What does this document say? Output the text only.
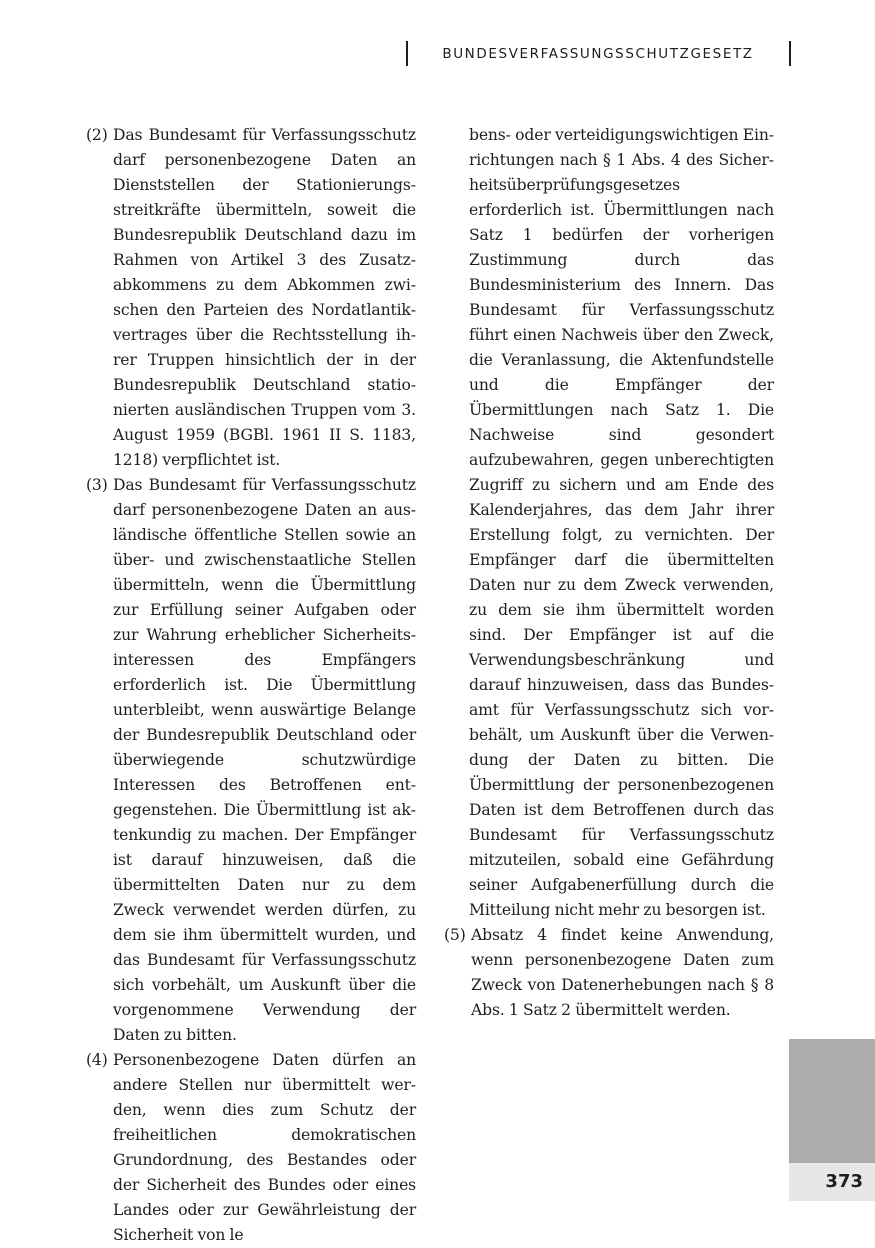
BUNDESVERFASSUNGSSCHUTZGESETZ
(2) Das Bundesamt für Verfassungsschutz darf personenbezogene Daten an Dienststellen der Stationierungsstreitkräfte übermitteln, soweit die Bundesrepublik Deutschland dazu im Rahmen von Artikel 3 des Zusatzabkommens zu dem Abkommen zwischen den Parteien des Nordatlantikvertrages über die Rechtsstellung ihrer Truppen hinsichtlich der in der Bundesrepublik Deutschland stationierten ausländischen Truppen vom 3. August 1959 (BGBl. 1961 II S. 1183, 1218) verpflichtet ist.
(3) Das Bundesamt für Verfassungsschutz darf personenbezogene Daten an ausländische öffentliche Stellen sowie an über- und zwischenstaatliche Stellen übermitteln, wenn die Übermittlung zur Erfüllung seiner Aufgaben oder zur Wahrung erheblicher Sicherheitsinteressen des Empfängers erforderlich ist. Die Übermittlung unterbleibt, wenn auswärtige Belange der Bundesrepublik Deutschland oder überwiegende schutzwürdige Interessen des Betroffenen entgegenstehen. Die Übermittlung ist aktenkundig zu machen. Der Empfänger ist darauf hinzuweisen, daß die übermittelten Daten nur zu dem Zweck verwendet werden dürfen, zu dem sie ihm übermittelt wurden, und das Bundesamt für Verfassungsschutz sich vorbehält, um Auskunft über die vorgenommene Verwendung der Daten zu bitten.
(4) Personenbezogene Daten dürfen an andere Stellen nur übermittelt werden, wenn dies zum Schutz der freiheitlichen demokratischen Grundordnung, des Bestandes oder der Sicherheit des Bundes oder eines Landes oder zur Gewährleistung der Sicherheit von le
bens- oder verteidigungswichtigen Einrichtungen nach § 1 Abs. 4 des Sicherheitsüberprüfungsgesetzes erforderlich ist. Übermittlungen nach Satz 1 bedürfen der vorherigen Zustimmung durch das Bundesministerium des Innern. Das Bundesamt für Verfassungsschutz führt einen Nachweis über den Zweck, die Veranlassung, die Aktenfundstelle und die Empfänger der Übermittlungen nach Satz 1. Die Nachweise sind gesondert aufzubewahren, gegen unberechtigten Zugriff zu sichern und am Ende des Kalenderjahres, das dem Jahr ihrer Erstellung folgt, zu vernichten. Der Empfänger darf die übermittelten Daten nur zu dem Zweck verwenden, zu dem sie ihm übermittelt worden sind. Der Empfänger ist auf die Verwendungsbeschränkung und darauf hinzuweisen, dass das Bundesamt für Verfassungsschutz sich vorbehält, um Auskunft über die Verwendung der Daten zu bitten. Die Übermittlung der personenbezogenen Daten ist dem Betroffenen durch das Bundesamt für Verfassungsschutz mitzuteilen, sobald eine Gefährdung seiner Aufgabenerfüllung durch die Mitteilung nicht mehr zu besorgen ist.
(5) Absatz 4 findet keine Anwendung, wenn personenbezogene Daten zum Zweck von Datenerhebungen nach § 8 Abs. 1 Satz 2 übermittelt werden.
373
